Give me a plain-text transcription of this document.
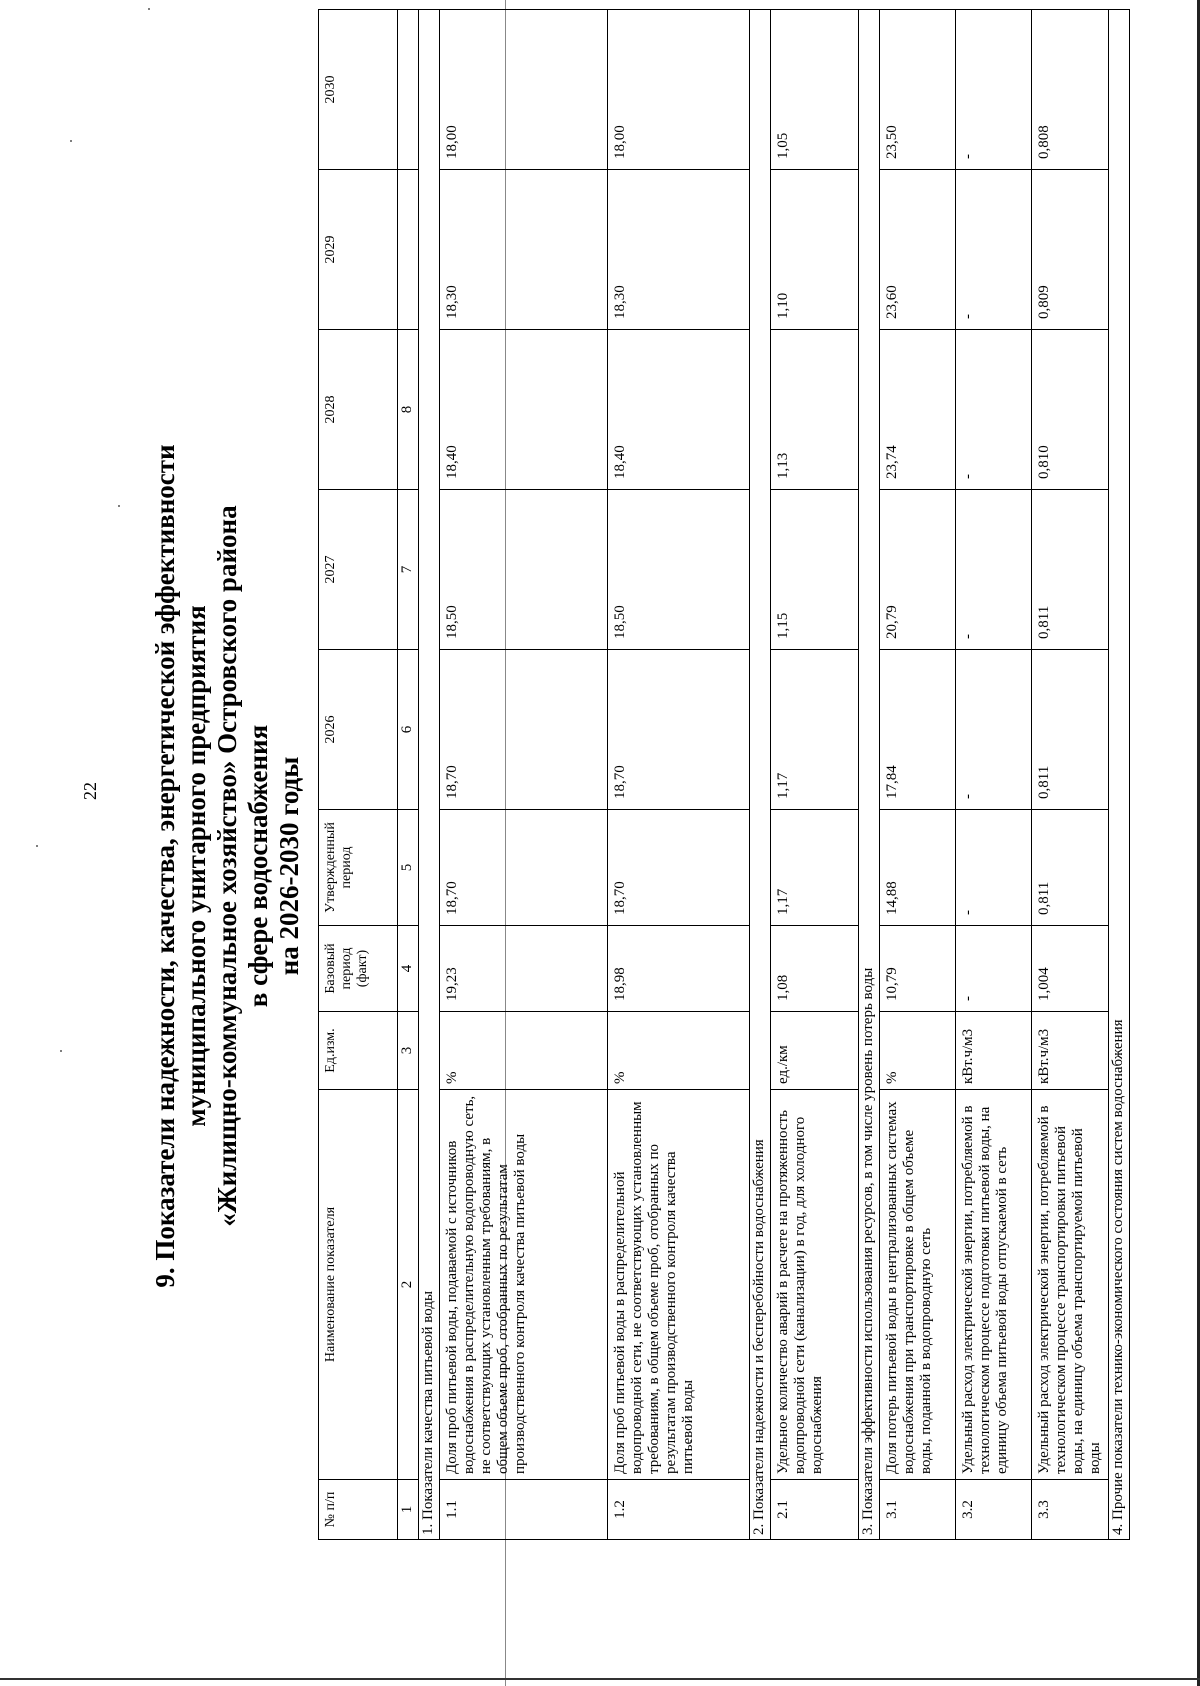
22 9. Показатели надежности, качества, энергетической эффективности муниципального унитарного предприятия «Жилищно-коммунальное хозяйство» Островского района в сфере водоснабжения на 2026-2030 годы
№ п/п	Наименование показателя	Ед.изм.	Базовый период (факт)	Утвержденный период	2026	2027	2028	2029	2030
1	2	3	4	5	6	7	8		
1. Показатели качества питьевой воды									
1.1	Доля проб питьевой воды, подаваемой с источников водоснабжения в распределительную водопроводную сеть, не соответствующих установленным требованиям, в общем объеме проб, отобранных по результатам производственного контроля качества питьевой воды	%	19,23	18,70	18,70	18,50	18,40	18,30	18,00
1.2	Доля проб питьевой воды в распределительной водопроводной сети, не соответствующих установленным требованиям, в общем объеме проб, отобранных по результатам производственного контроля качества питьевой воды	%	18,98	18,70	18,70	18,50	18,40	18,30	18,00
2. Показатели надежности и бесперебойности водоснабжения									
2.1	Удельное количество аварий в расчете на протяженность водопроводной сети (канализации) в год, для холодного водоснабжения	ед./км	1,08	1,17	1,17	1,15	1,13	1,10	1,05
3. Показатели эффективности использования ресурсов, в том числе уровень потерь воды									
3.1	Доля потерь питьевой воды в централизованных системах водоснабжения при транспортировке в общем объеме воды, поданной в водопроводную сеть	%	10,79	14,88	17,84	20,79	23,74	23,60	23,50
3.2	Удельный расход электрической энергии, потребляемой в технологическом процессе подготовки питьевой воды, на единицу объема питьевой воды отпускаемой в сеть	кВт.ч/м3	-	-	-	-	-	-	-
3.3	Удельный расход электрической энергии, потребляемой в технологическом процессе транспортировки питьевой воды, на единицу объема транспортируемой питьевой воды	кВт.ч/м3	1,004	0,811	0,811	0,811	0,810	0,809	0,808
4. Прочие показатели технико-экономического состояния систем водоснабжения									
